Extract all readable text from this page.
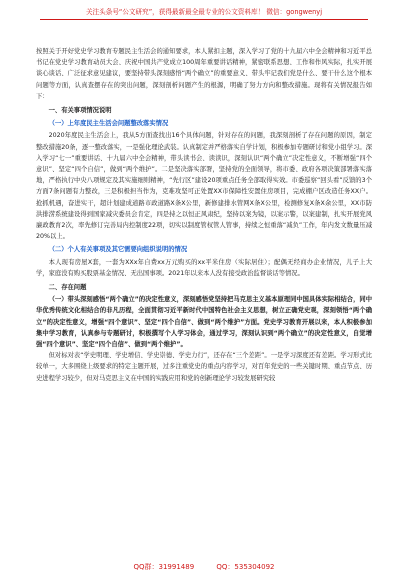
关注头条号“公文研究”，获得最新最全最专业的公文资料库！ 微信：gongwenyj

按照关于开好党史学习教育专题民主生活会的通知要求，本人紧扣主题，深入学习了党的十九届六中全会精神和习近平总书记在党史学习教育动员大会、庆祝中国共产党成立100周年重要讲话精神，紧密联系思想、工作和作风实际，扎实开展谈心谈话、广泛征求意见建议，要坚持带头深刻感悟“两个确立”的重要意义、带头牢记我们党是什么、要干什么这个根本问题等方面，认真查摆存在的突出问题，深刻剖析问题产生的根源，明确了努力方向和整改措施。现将有关情况报告如下：

一、有关事项情况说明
（一）上年度民主生活会问题整改落实情况

2020年度民主生活会上，我从5方面查找出16个具体问题，针对存在的问题，我深刻剖析了存在问题的原因，制定整改措施20条，逐一整改落实，一是强化理论武装。认真制定并严格落实自学计划，积极参加专题研讨和党小组学习。深入学习“七一”重要讲话、十九届六中全会精神，带头读书会、读读识，深刻认识“两个确立”决定性意义，不断增强“四个意识”、坚定“四个自信”，做到“两个维护”。二是坚决落实部署，坚持党的全面领导，将市委、政府各项决策部署落实落地，严格执行中央八项规定及其实施细则精神，“先行区”建设20项重点任务全部取得实效。市委巡察“回头看”反馈的3个方面7条问题有力整改，三是积极担当作为，克难攻坚可正处置XX市保障性安置住房项目，完成棚户区改造任务XX户。抢抓机遇，奋进实干，超计划建成道路市政道路X条X公里，新修建排水管网X条X公里，检测修复X条X余公里，XX市防洪排涝系统建设得到国家减灾委员会肯定，四是持之以恒正风肃纪，坚持以案为镜，以案示警，以案建制，扎实开展党风廉政教育2次，率先修订完善局内控制度22项，切实以制度管权管人管事，持续之恒重落“减负”工作，年内发文数量压减20%以上。

（二）个人有关事项及其它需要向组织说明的情况

本人现有房屋X套，一套为XXx年自费xx万元购买的xx平米住房（实际居住）；配偶无经商办企业情况，儿子上大学，家庭没有购买股票基金情况、无出国事项。2021年以来本人没有接受政治监督谈话等情况。

二、存在问题

（一）带头深刻感悟“两个确立”的决定性意义，深刻感悟党坚持把马克思主义基本原理同中国具体实际相结合，同中华优秀传统文化相结合的非凡历程，全面贯彻习近平新时代中国特色社会主义思想，树立正确党史观，深刻领悟“两个确立”的决定性意义，增强“四个意识”、坚定“四个自信”、做到“两个维护”方面。党史学习教育开展以来，本人积极参加集中学习教育，认真参与专题研讨，积极撰写个人学习体会，通过学习，深刻认识到“两个确立”的决定性意义，自觉增强“四个意识”、坚定“四个自信”、做到“两个维护”。

但对标对表“学史明理、学史增信、学史崇德、学史力行”，还存在“三个差距”。一是学习深度还有差距。学习形式比较单一，大多围绕上级要求的特定主题开展，过多注重党史的重点内容学习，对百年党史的一些关键时期、重点节点、历史进程学习较少，但对马克思主义在中国的实践应用和党的创新理论学习较发展研究较

QQ群：31991489	QQ：535304092
